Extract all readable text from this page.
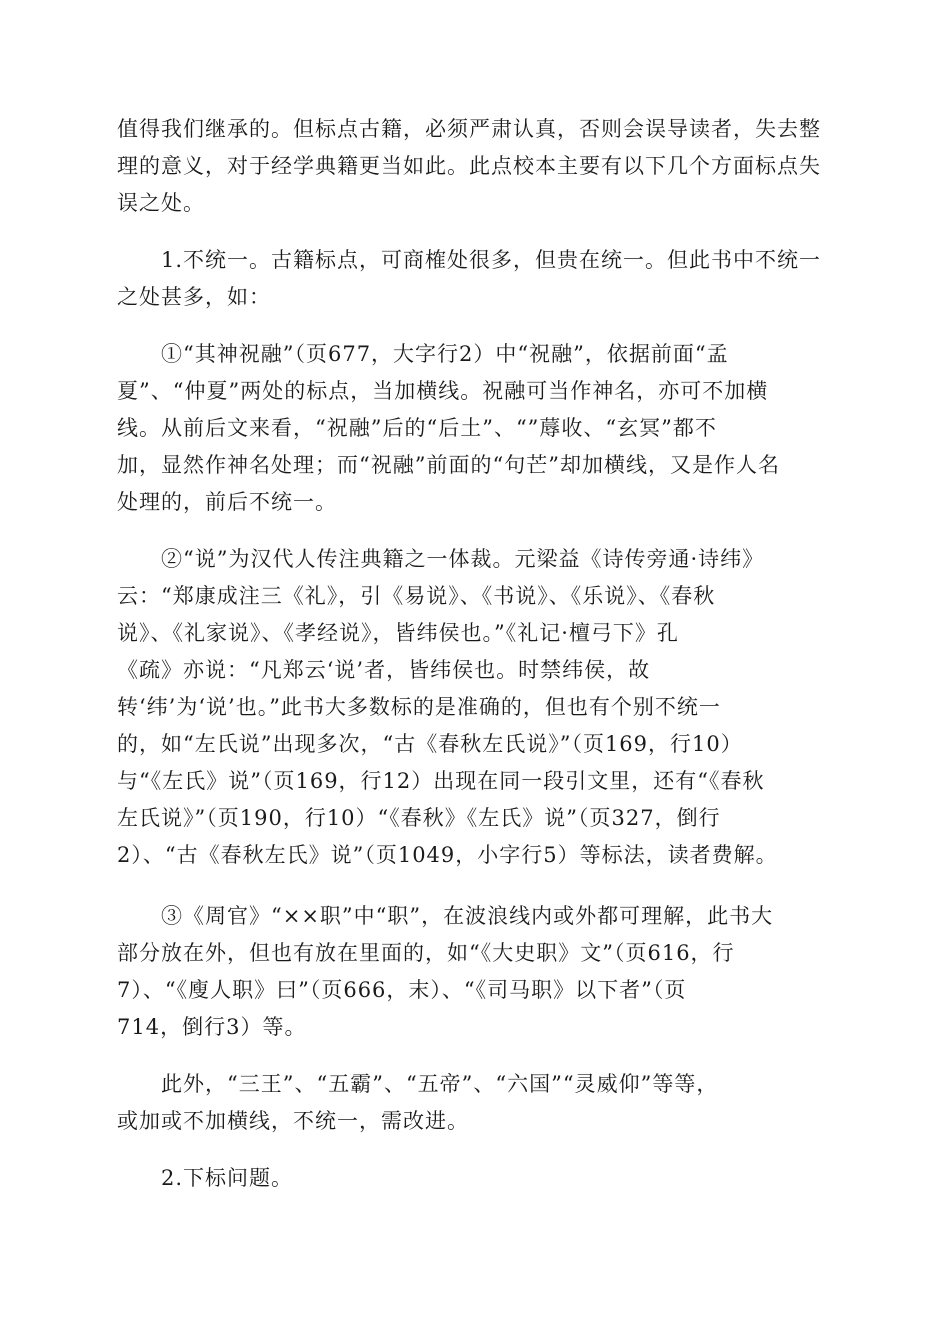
值得我们继承的。但标点古籍，必须严肃认真，否则会误导读者，失去整
理的意义，对于经学典籍更当如此。此点校本主要有以下几个方面标点失
误之处。
1.不统一。古籍标点，可商榷处很多，但贵在统一。但此书中不统一
之处甚多，如：
①“其神祝融”（页677，大字行2）中“祝融”，依据前面“孟
夏”、“仲夏”两处的标点，当加横线。祝融可当作神名，亦可不加横
线。从前后文来看，“祝融”后的“后土”、“”蓐收、“玄冥”都不
加，显然作神名处理；而“祝融”前面的“句芒”却加横线，又是作人名
处理的，前后不统一。
②“说”为汉代人传注典籍之一体裁。元梁益《诗传旁通·诗纬》
云：“郑康成注三《礼》，引《易说》、《书说》、《乐说》、《春秋
说》、《礼家说》、《孝经说》，皆纬侯也。”《礼记·檀弓下》孔
《疏》亦说：“凡郑云‘说’者，皆纬侯也。时禁纬侯，故
转‘纬’为‘说’也。”此书大多数标的是准确的，但也有个别不统一
的，如“左氏说”出现多次，“古《春秋左氏说》”（页169，行10）
与“《左氏》说”（页169，行12）出现在同一段引文里，还有“《春秋
左氏说》”（页190，行10）“《春秋》《左氏》说”（页327，倒行
2）、“古《春秋左氏》说”（页1049，小字行5）等标法，读者费解。
③《周官》“××职”中“职”，在波浪线内或外都可理解，此书大
部分放在外，但也有放在里面的，如“《大史职》文”（页616，行
7）、“《廋人职》曰”（页666，末）、“《司马职》以下者”（页
714，倒行3）等。
此外，“三王”、“五霸”、“五帝”、“六国”“灵威仰”等等，
或加或不加横线，不统一，需改进。
2.下标问题。
